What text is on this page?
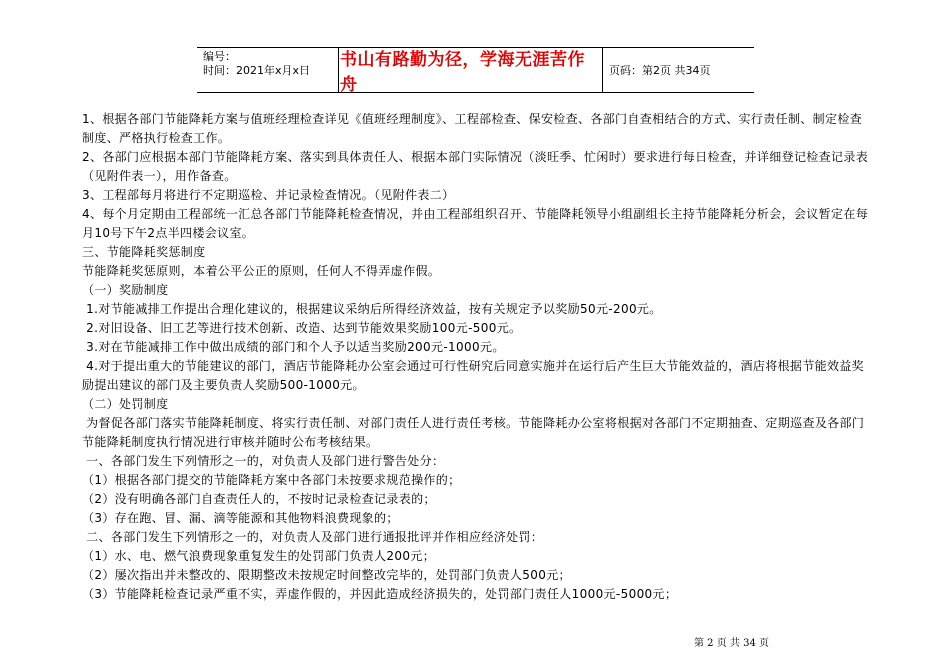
编号：
时间：2021年x月x日
书山有路勤为径，学海无涯苦作舟
页码：第2页 共34页

1、根据各部门节能降耗方案与值班经理检查详见《值班经理制度》、工程部检查、保安检查、各部门自查相结合的方式、实行责任制、制定检查制度、严格执行检查工作。

2、各部门应根据本部门节能降耗方案、落实到具体责任人、根据本部门实际情况（淡旺季、忙闲时）要求进行每日检查，并详细登记检查记录表（见附件表一），用作备查。

3、工程部每月将进行不定期巡检、并记录检查情况。（见附件表二）

4、每个月定期由工程部统一汇总各部门节能降耗检查情况，并由工程部组织召开、节能降耗领导小组副组长主持节能降耗分析会，会议暂定在每月10号下午2点半四楼会议室。

三、节能降耗奖惩制度

节能降耗奖惩原则，本着公平公正的原则，任何人不得弄虚作假。

（一）奖励制度

1.对节能减排工作提出合理化建议的，根据建议采纳后所得经济效益，按有关规定予以奖励50元-200元。

2.对旧设备、旧工艺等进行技术创新、改造、达到节能效果奖励100元-500元。

3.对在节能减排工作中做出成绩的部门和个人予以适当奖励200元-1000元。

4.对于提出重大的节能建议的部门，酒店节能降耗办公室会通过可行性研究后同意实施并在运行后产生巨大节能效益的，酒店将根据节能效益奖励提出建议的部门及主要负责人奖励500-1000元。

（二）处罚制度

为督促各部门落实节能降耗制度、将实行责任制、对部门责任人进行责任考核。节能降耗办公室将根据对各部门不定期抽查、定期巡查及各部门节能降耗制度执行情况进行审核并随时公布考核结果。

一、各部门发生下列情形之一的，对负责人及部门进行警告处分：

（1）根据各部门提交的节能降耗方案中各部门未按要求规范操作的；

（2）没有明确各部门自查责任人的，不按时记录检查记录表的；

（3）存在跑、冒、漏、滴等能源和其他物料浪费现象的；

二、各部门发生下列情形之一的，对负责人及部门进行通报批评并作相应经济处罚：

（1）水、电、燃气浪费现象重复发生的处罚部门负责人200元；

（2）屡次指出并未整改的、限期整改未按规定时间整改完毕的，处罚部门负责人500元；

（3）节能降耗检查记录严重不实，弄虚作假的，并因此造成经济损失的，处罚部门责任人1000元-5000元；

第 2 页 共 34 页
